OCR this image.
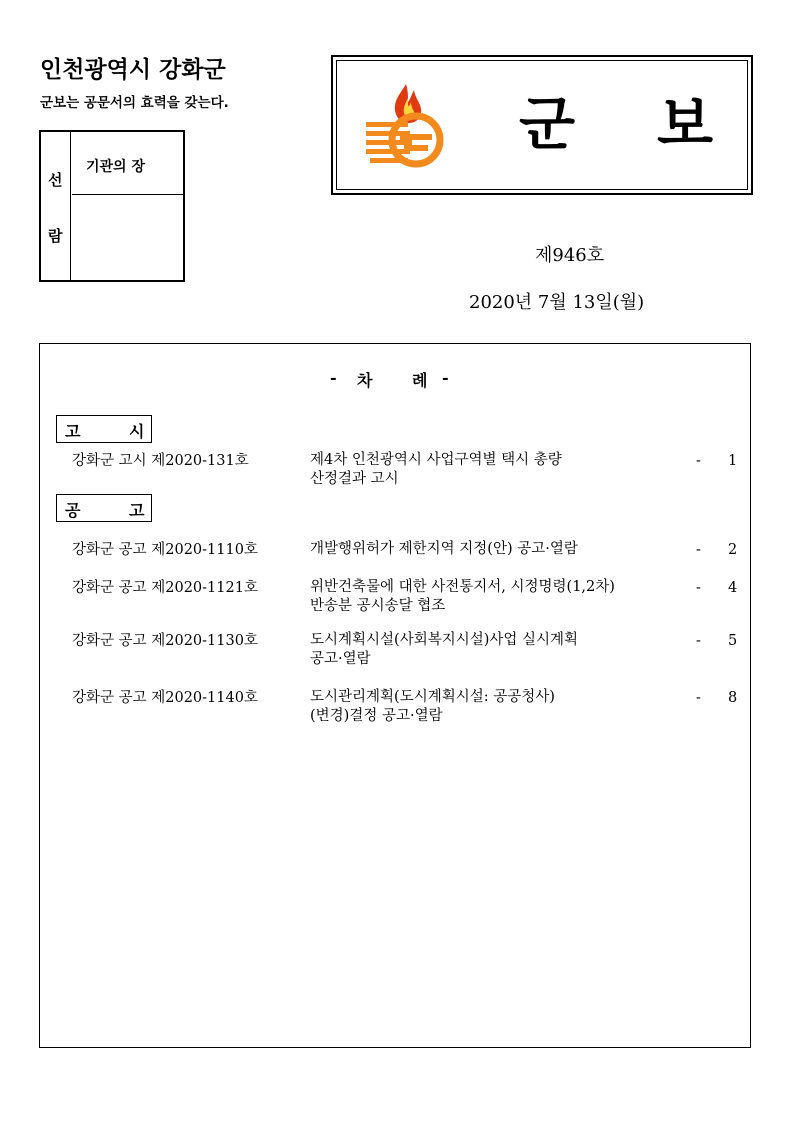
인천광역시 강화군
군보는 공문서의 효력을 갖는다.
선
람
기관의 장
군 보
제946호
2020년 7월 13일(월)
- 차 례 -
고	시
강화군 고시 제2020-131호	제4차 인천광역시 사업구역별 택시 총량
산정결과 고시
- 1
공	고
강화군 공고 제2020-1110호	개발행위허가 제한지역 지정(안) 공고·열람	- 2
강화군 공고 제2020-1121호	위반건축물에 대한 사전통지서, 시정명령(1,2차)
반송분 공시송달 협조
- 4
강화군 공고 제2020-1130호	도시계획시설(사회복지시설)사업 실시계획
공고·열람
- 5
강화군 공고 제2020-1140호	도시관리계획(도시계획시설: 공공청사)
(변경)결정 공고·열람
- 8
